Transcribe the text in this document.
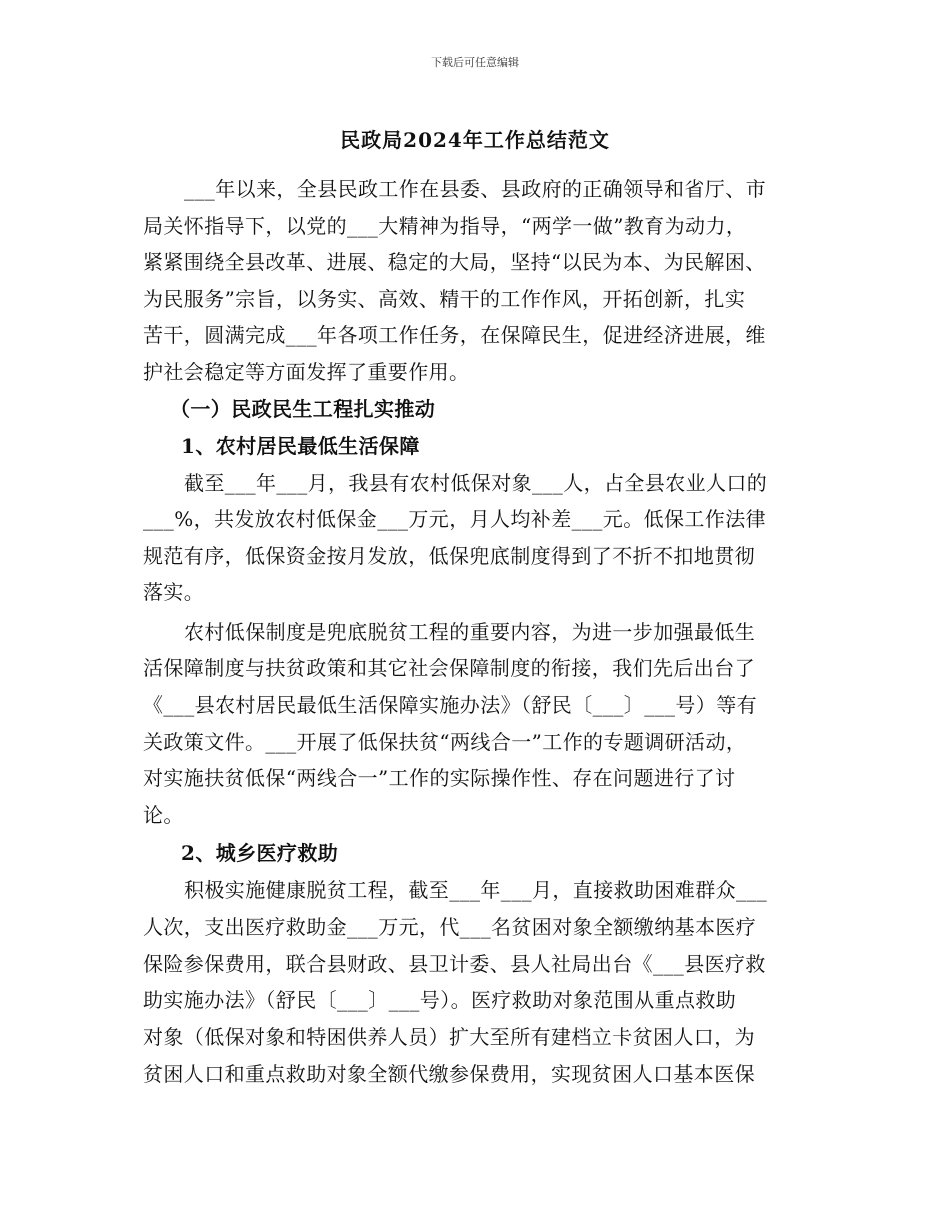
下载后可任意编辑
民政局2024年工作总结范文
___年以来，全县民政工作在县委、县政府的正确领导和省厅、市
局关怀指导下，以党的___大精神为指导，“两学一做”教育为动力，
紧紧围绕全县改革、进展、稳定的大局，坚持“以民为本、为民解困、
为民服务”宗旨，以务实、高效、精干的工作作风，开拓创新，扎实
苦干，圆满完成___年各项工作任务，在保障民生，促进经济进展，维
护社会稳定等方面发挥了重要作用。
（一）民政民生工程扎实推动
1、农村居民最低生活保障
截至___年___月，我县有农村低保对象___人，占全县农业人口的
___%，共发放农村低保金___万元，月人均补差___元。低保工作法律
规范有序，低保资金按月发放，低保兜底制度得到了不折不扣地贯彻
落实。
农村低保制度是兜底脱贫工程的重要内容，为进一步加强最低生
活保障制度与扶贫政策和其它社会保障制度的衔接，我们先后出台了
《___县农村居民最低生活保障实施办法》（舒民〔___〕___号）等有
关政策文件。___开展了低保扶贫“两线合一”工作的专题调研活动，
对实施扶贫低保“两线合一”工作的实际操作性、存在问题进行了讨
论。
2、城乡医疗救助
积极实施健康脱贫工程，截至___年___月，直接救助困难群众___
人次，支出医疗救助金___万元，代___名贫困对象全额缴纳基本医疗
保险参保费用，联合县财政、县卫计委、县人社局出台《___县医疗救
助实施办法》（舒民〔___〕___号）。医疗救助对象范围从重点救助
对象（低保对象和特困供养人员）扩大至所有建档立卡贫困人口，为
贫困人口和重点救助对象全额代缴参保费用，实现贫困人口基本医保
